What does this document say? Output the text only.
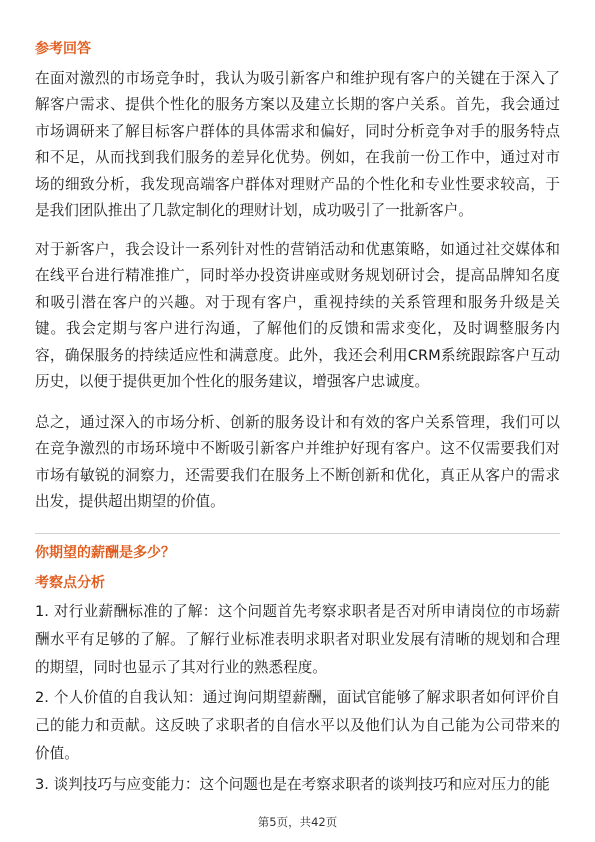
参考回答
在面对激烈的市场竞争时，我认为吸引新客户和维护现有客户的关键在于深入了解客户需求、提供个性化的服务方案以及建立长期的客户关系。首先，我会通过市场调研来了解目标客户群体的具体需求和偏好，同时分析竞争对手的服务特点和不足，从而找到我们服务的差异化优势。例如，在我前一份工作中，通过对市场的细致分析，我发现高端客户群体对理财产品的个性化和专业性要求较高，于是我们团队推出了几款定制化的理财计划，成功吸引了一批新客户。
对于新客户，我会设计一系列针对性的营销活动和优惠策略，如通过社交媒体和在线平台进行精准推广，同时举办投资讲座或财务规划研讨会，提高品牌知名度和吸引潜在客户的兴趣。对于现有客户，重视持续的关系管理和服务升级是关键。我会定期与客户进行沟通，了解他们的反馈和需求变化，及时调整服务内容，确保服务的持续适应性和满意度。此外，我还会利用CRM系统跟踪客户互动历史，以便于提供更加个性化的服务建议，增强客户忠诚度。
总之，通过深入的市场分析、创新的服务设计和有效的客户关系管理，我们可以在竞争激烈的市场环境中不断吸引新客户并维护好现有客户。这不仅需要我们对市场有敏锐的洞察力，还需要我们在服务上不断创新和优化，真正从客户的需求出发，提供超出期望的价值。
你期望的薪酬是多少？
考察点分析
1. 对行业薪酬标准的了解：这个问题首先考察求职者是否对所申请岗位的市场薪酬水平有足够的了解。了解行业标准表明求职者对职业发展有清晰的规划和合理的期望，同时也显示了其对行业的熟悉程度。
2. 个人价值的自我认知：通过询问期望薪酬，面试官能够了解求职者如何评价自己的能力和贡献。这反映了求职者的自信水平以及他们认为自己能为公司带来的价值。
3. 谈判技巧与应变能力：这个问题也是在考察求职者的谈判技巧和应对压力的能
第5页，共42页
